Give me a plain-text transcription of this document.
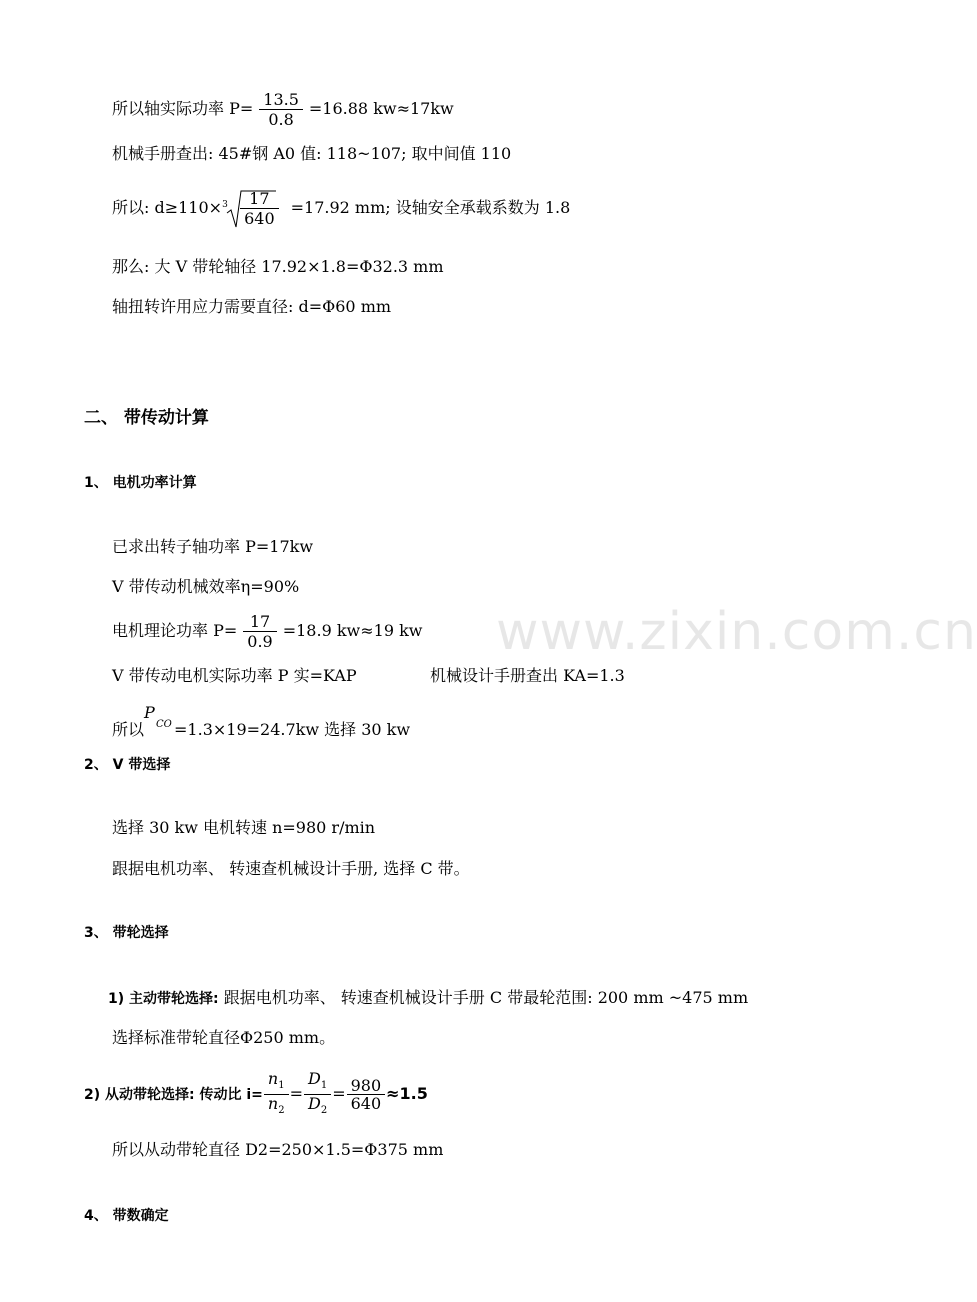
所以轴实际功率 $P= \frac{13.5}{0.8} =16.88$ kw≈17kw
机械手册查出: 45#钢 A0 值: 118~107; 取中间值 110
所以: $d\ge 110\times 3 \frac{17}{640} =17.92$ mm; 设轴安全承载系数为 1.8
那么: 大 V 带轮轴径 17.92×1.8=Φ32.3 mm
轴扭转许用应力需要直径: d=Φ60 mm
二、 带传动计算
1、 电机功率计算
已求出转子轴功率 P=17kw
V 带传动机械效率η=90%
电机理论功率 $P= \frac{17}{0.9} =18.9$ kw≈19 kw
V 带传动电机实际功率 P 实=KAP	机械设计手册查出 KA=1.3
所以
P
CO =1.3×19=24.7kw 选择 30 kw
2、 V 带选择
选择 30 kw 电机转速 n=980 r/min
跟据电机功率、 转速查机械设计手册, 选择 C 带。
3、 带轮选择
1) 主动带轮选择: 跟据电机功率、 转速查机械设计手册 C 带最轮范围: 200 mm ~475 mm
选择标准带轮直径Φ250 mm。
2) 从动带轮选择: 传动比 $i= \frac{n_1}{n_2} = \frac{D_1}{D_2} = \frac{980}{640} \approx 1.5$
所以从动带轮直径 D2=250×1.5=Φ375 mm
4、 带数确定
www.zixin.com.cn
